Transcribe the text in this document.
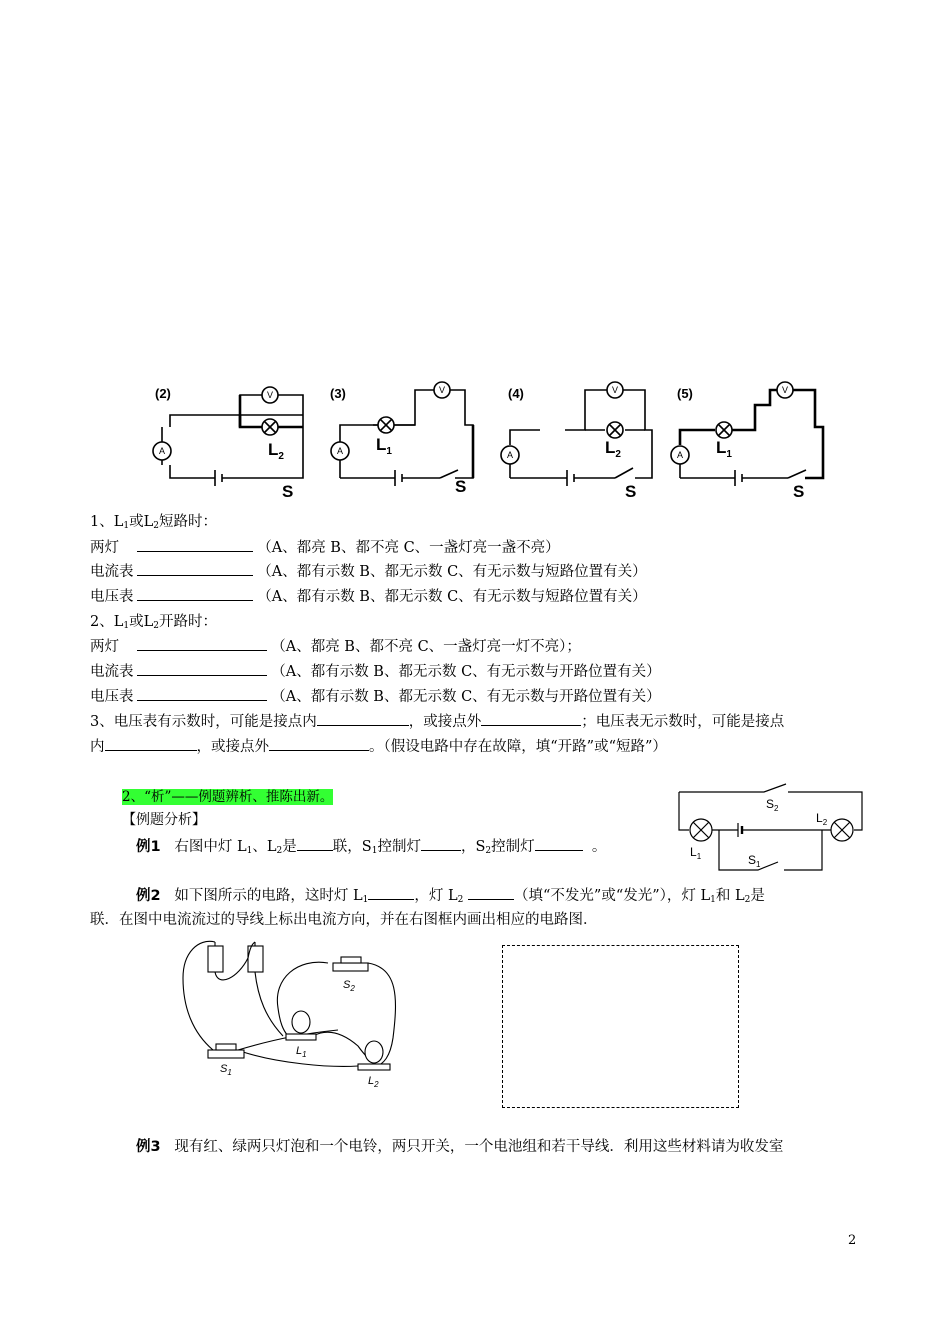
(2)	(3)	(4)	(5)
A
V
A
V
A
V
A
V
$L_2$
$L_1$	$L_2$	$L_1$
S	S	S	S
1、$L_1$或$L_2$短路时：
两灯	（A、都亮 B、都不亮 C、一盏灯亮一盏不亮）
电流表	（A、都有示数 B、都无示数 C、有无示数与短路位置有关）
电压表	（A、都有示数 B、都无示数 C、有无示数与短路位置有关）
2、$L_1$或$L_2$开路时：
两灯	（A、都亮 B、都不亮 C、一盏灯亮一灯不亮）；
电流表	（A、都有示数 B、都无示数 C、有无示数与开路位置有关）
电压表	（A、都有示数 B、都无示数 C、有无示数与开路位置有关）
3、电压表有示数时，可能是接点内	，或接点外	；电压表无示数时，可能是接点
内	，或接点外	。（假设电路中存在故障，填“开路”或“短路”）
2、“析”——例题辨析、推陈出新。
【例题分析】
例1 右图中灯 $L_1$、$L_2$是 联，$S_1$控制灯	，$S_2$控制灯	。
$S_2$
$L_2$
$L_1$	$S_1$
例2 如下图所示的电路，这时灯 $L_1$	，灯 $L_2$	（填“不发光”或“发光”），灯 $L_1$和 $L_2$是
联．在图中电流流过的导线上标出电流方向，并在右图框内画出相应的电路图．
$S_2$
$L_1$
$S_1$
$L_2$
例3 现有红、绿两只灯泡和一个电铃，两只开关，一个电池组和若干导线．利用这些材料请为收发室
2
